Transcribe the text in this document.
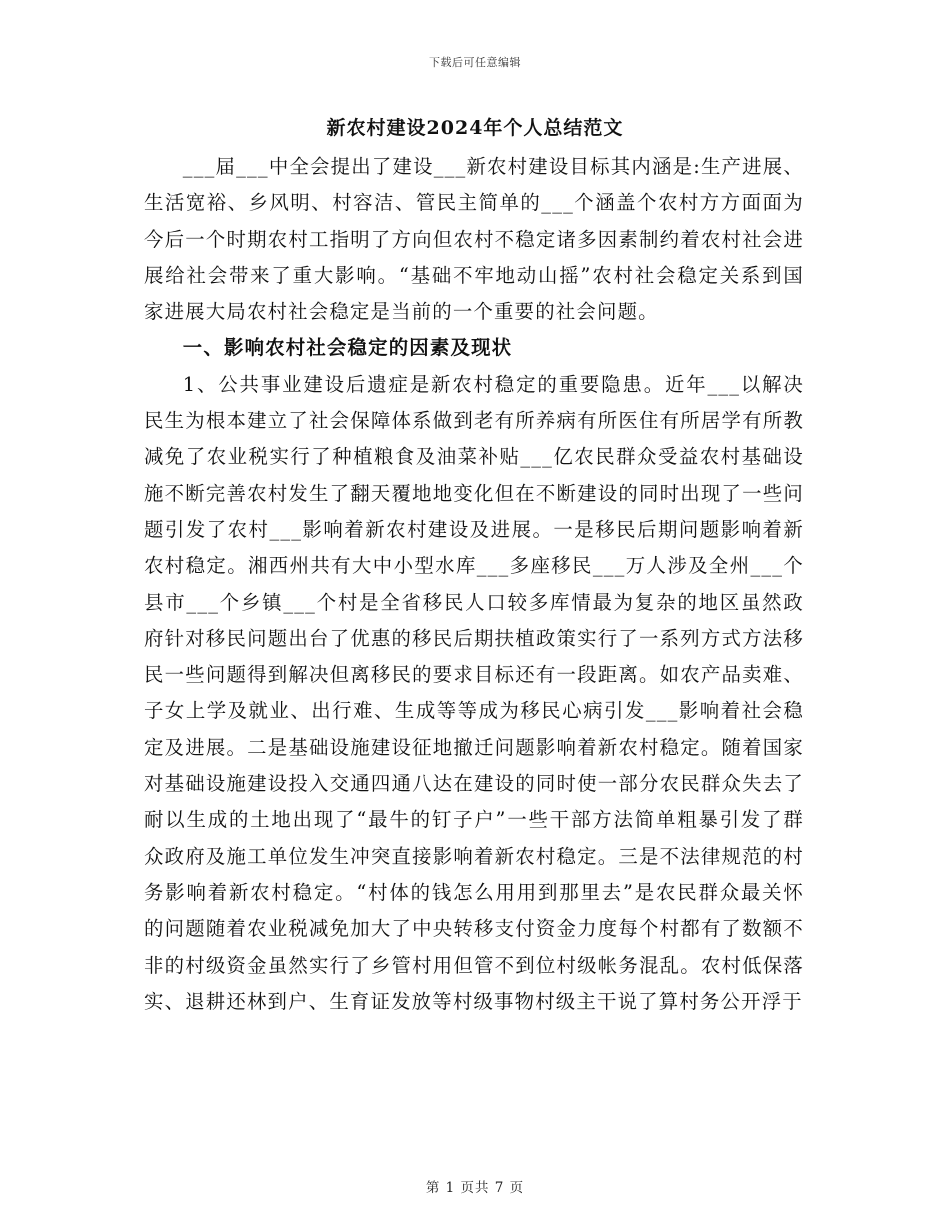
下载后可任意编辑
新农村建设2024年个人总结范文

___届___中全会提出了建设___新农村建设目标其内涵是:生产进展、生活宽裕、乡风明、村容洁、管民主简单的___个涵盖个农村方方面面为今后一个时期农村工指明了方向但农村不稳定诸多因素制约着农村社会进展给社会带来了重大影响。“基础不牢地动山摇”农村社会稳定关系到国家进展大局农村社会稳定是当前的一个重要的社会问题。

一、影响农村社会稳定的因素及现状

1、公共事业建设后遗症是新农村稳定的重要隐患。近年___以解决民生为根本建立了社会保障体系做到老有所养病有所医住有所居学有所教减免了农业税实行了种植粮食及油菜补贴___亿农民群众受益农村基础设施不断完善农村发生了翻天覆地地变化但在不断建设的同时出现了一些问题引发了农村___影响着新农村建设及进展。一是移民后期问题影响着新农村稳定。湘西州共有大中小型水库___多座移民___万人涉及全州___个县市___个乡镇___个村是全省移民人口较多库情最为复杂的地区虽然政府针对移民问题出台了优惠的移民后期扶植政策实行了一系列方式方法移民一些问题得到解决但离移民的要求目标还有一段距离。如农产品卖难、子女上学及就业、出行难、生成等等成为移民心病引发___影响着社会稳定及进展。二是基础设施建设征地撤迁问题影响着新农村稳定。随着国家对基础设施建设投入交通四通八达在建设的同时使一部分农民群众失去了耐以生成的土地出现了“最牛的钉子户”一些干部方法简单粗暴引发了群众政府及施工单位发生冲突直接影响着新农村稳定。三是不法律规范的村务影响着新农村稳定。“村体的钱怎么用用到那里去”是农民群众最关怀的问题随着农业税减免加大了中央转移支付资金力度每个村都有了数额不非的村级资金虽然实行了乡管村用但管不到位村级帐务混乱。农村低保落实、退耕还林到户、生育证发放等村级事物村级主干说了算村务公开浮于

第 1 页共 7 页
